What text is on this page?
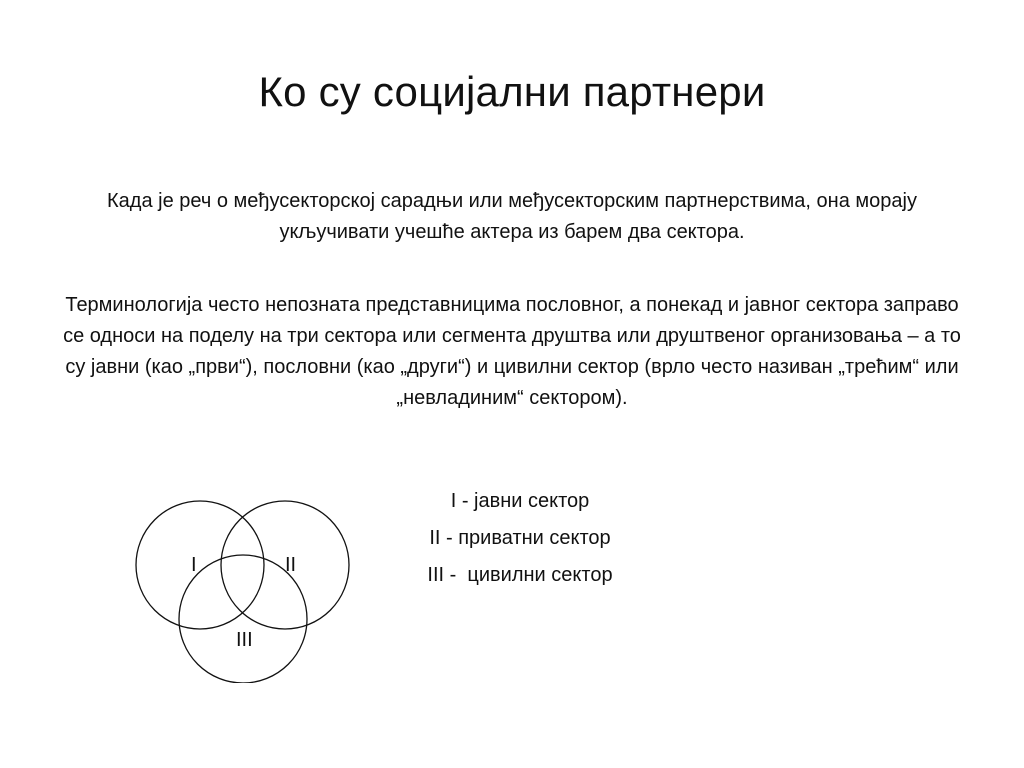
Ко су социјални партнери

Када је реч о међусекторској сарадњи или међусекторским партнерствима, она морају укључивати учешће актера из барем два сектора.

Терминологија често непозната представницима пословног, а понекад и јавног сектора заправо се односи на поделу на три сектора или сегмента друштва или друштвеног организовања – а то су јавни (као „први“), пословни (као „други“) и цивилни сектор (врло често називан „трећим“ или „невладиним“ сектором).

I	II
III
I - јавни сектор
II - приватни сектор
III -  цивилни сектор
